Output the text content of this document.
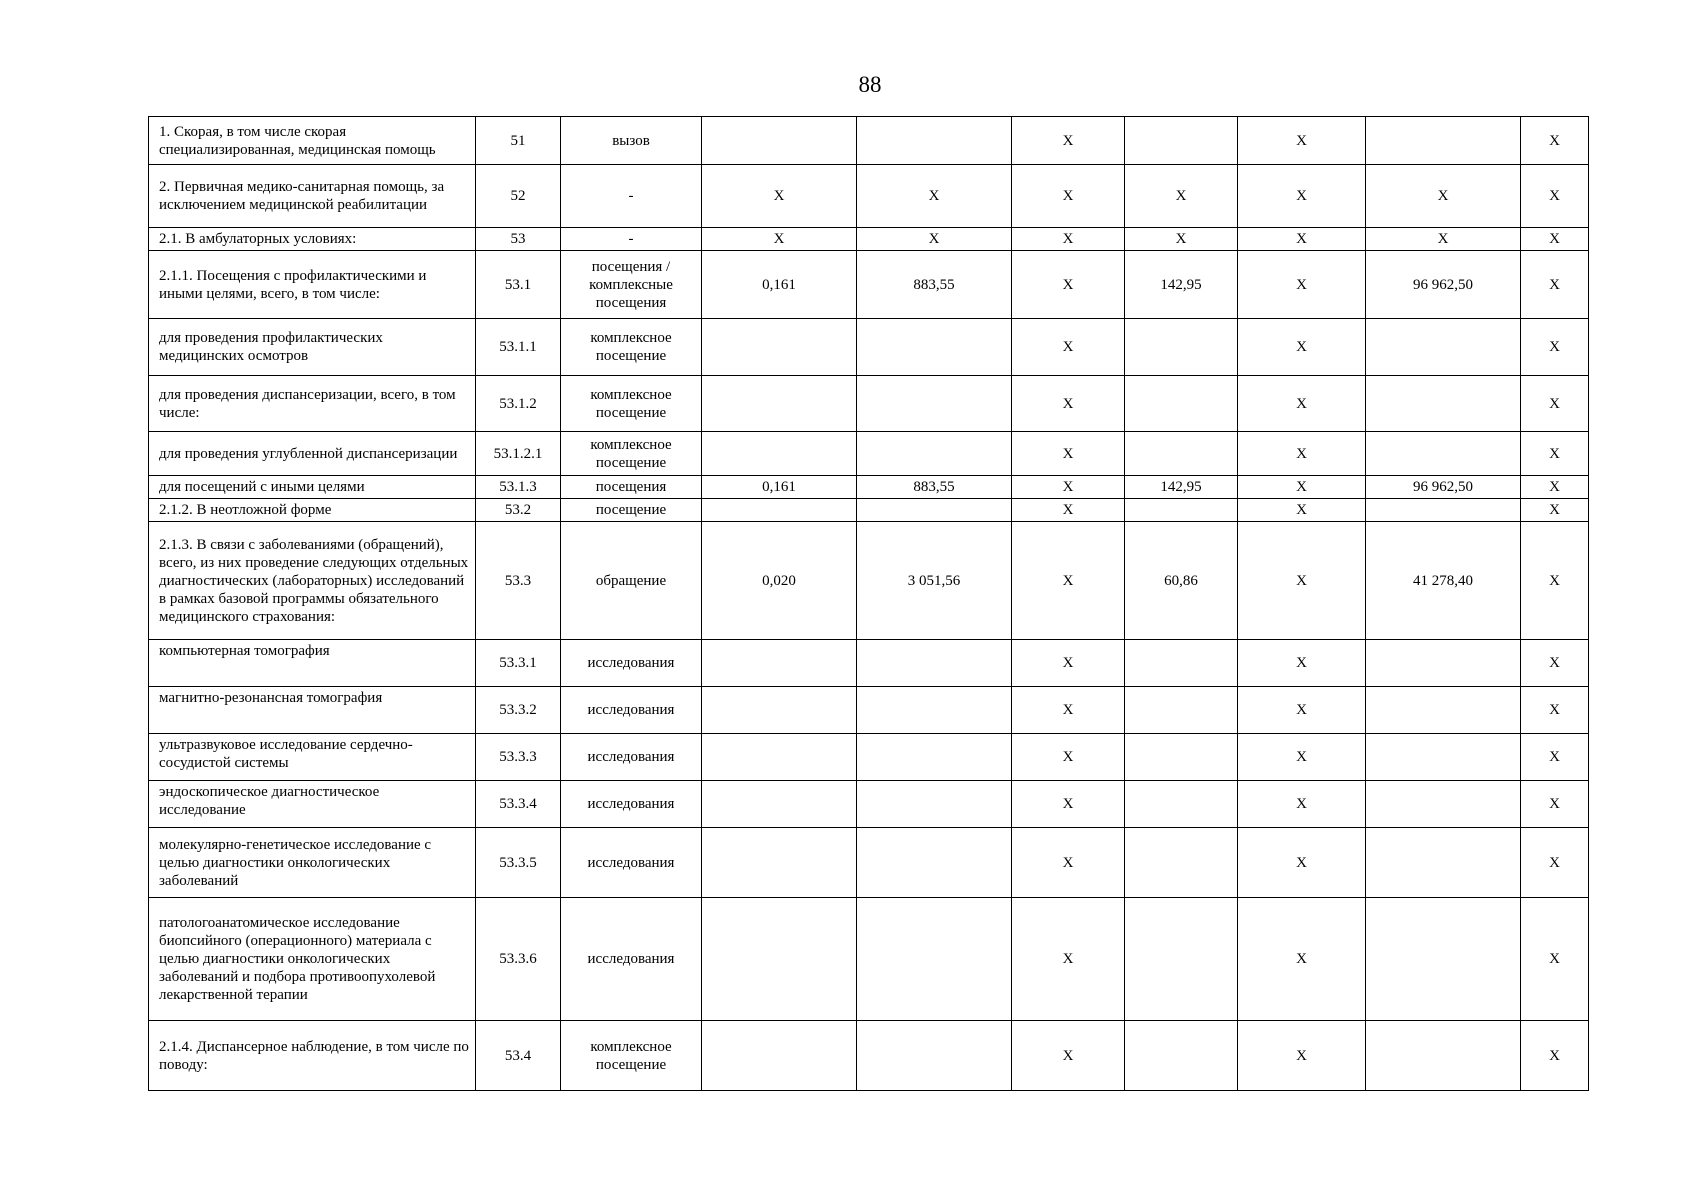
88
1. Скорая, в том числе скорая специализированная, медицинская помощь	51	вызов			X		X		X
2. Первичная медико-санитарная помощь, за исключением медицинской реабилитации	52	-	X	X	X	X	X	X	X
2.1. В амбулаторных условиях:	53	-	X	X	X	X	X	X	X
2.1.1. Посещения с профилактическими и иными целями, всего, в том числе:	53.1	посещения / комплексные посещения	0,161	883,55	X	142,95	X	96 962,50	X
для проведения профилактических медицинских осмотров	53.1.1	комплексное посещение			X		X		X
для проведения диспансеризации, всего, в том числе:	53.1.2	комплексное посещение			X		X		X
для проведения углубленной диспансеризации	53.1.2.1	комплексное посещение			X		X		X
для посещений с иными целями	53.1.3	посещения	0,161	883,55	X	142,95	X	96 962,50	X
2.1.2. В неотложной форме	53.2	посещение			X		X		X
2.1.3. В связи с заболеваниями (обращений), всего, из них проведение следующих отдельных диагностических (лабораторных) исследований в рамках базовой программы обязательного медицинского страхования:	53.3	обращение	0,020	3 051,56	X	60,86	X	41 278,40	X
компьютерная томография	53.3.1	исследования			X		X		X
магнитно-резонансная томография	53.3.2	исследования			X		X		X
ультразвуковое исследование сердечно-сосудистой системы	53.3.3	исследования			X		X		X
эндоскопическое диагностическое исследование	53.3.4	исследования			X		X		X
молекулярно-генетическое исследование с целью диагностики онкологических заболеваний	53.3.5	исследования			X		X		X
патологоанатомическое исследование биопсийного (операционного) материала с целью диагностики онкологических заболеваний и подбора противоопухолевой лекарственной терапии	53.3.6	исследования			X		X		X
2.1.4. Диспансерное наблюдение, в том числе по поводу:	53.4	комплексное посещение			X		X		X
